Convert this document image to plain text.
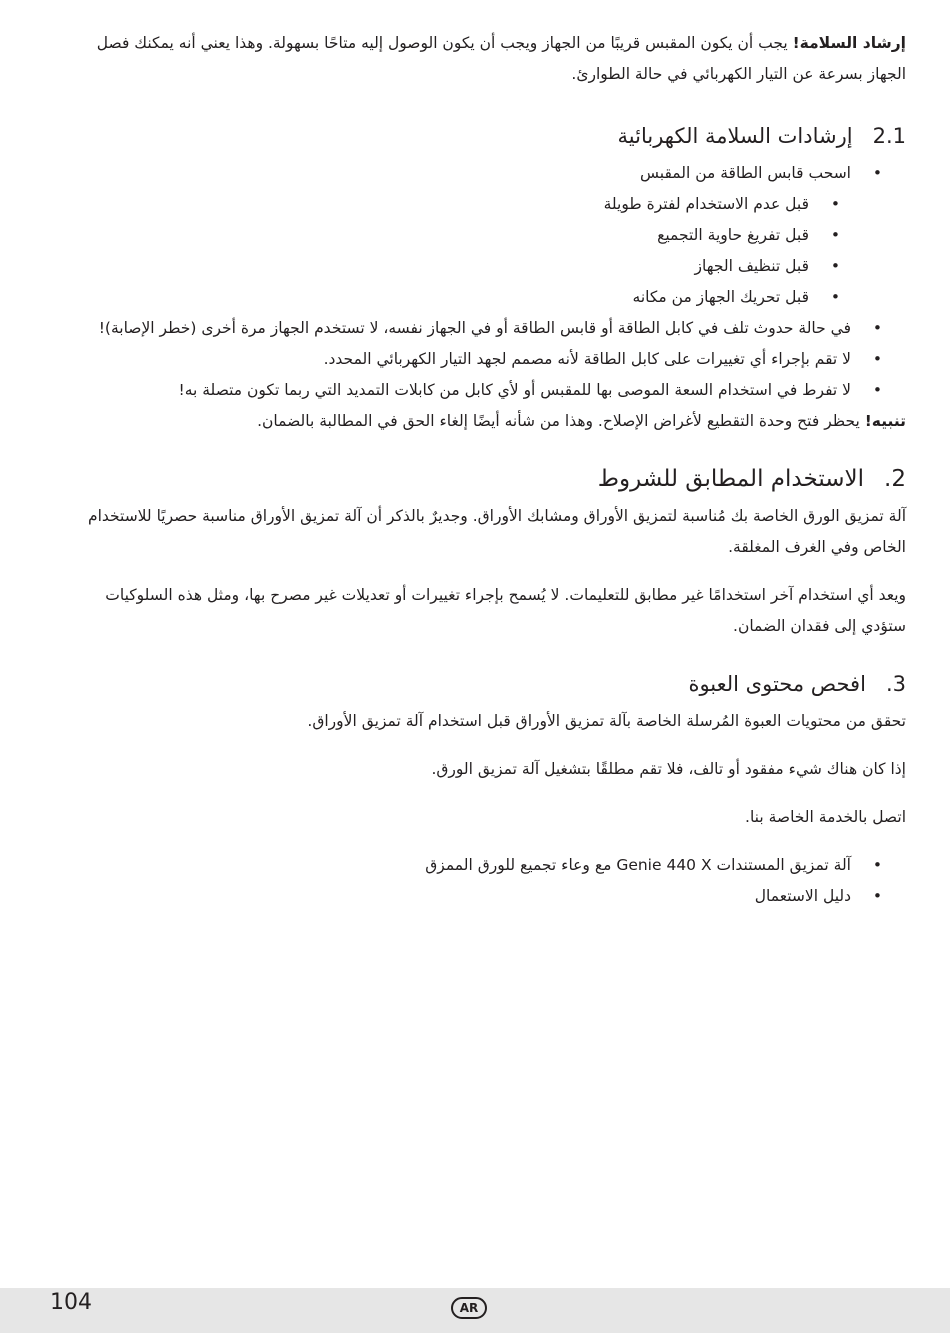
إرشاد السلامة! يجب أن يكون المقبس قريبًا من الجهاز ويجب أن يكون الوصول إليه متاحًا بسهولة. وهذا يعني أنه يمكنك فصل الجهاز بسرعة عن التيار الكهربائي في حالة الطوارئ.

2.1إرشادات السلامة الكهربائية
• اسحب قابس الطاقة من المقبس
• قبل عدم الاستخدام لفترة طويلة
• قبل تفريغ حاوية التجميع
• قبل تنظيف الجهاز
• قبل تحريك الجهاز من مكانه
• في حالة حدوث تلف في كابل الطاقة أو قابس الطاقة أو في الجهاز نفسه، لا تستخدم الجهاز مرة أخرى (خطر الإصابة)!
• لا تقم بإجراء أي تغييرات على كابل الطاقة لأنه مصمم لجهد التيار الكهربائي المحدد.
• لا تفرط في استخدام السعة الموصى بها للمقبس أو لأي كابل من كابلات التمديد التي ربما تكون متصلة به!

تنبيه! يحظر فتح وحدة التقطيع لأغراض الإصلاح. وهذا من شأنه أيضًا إلغاء الحق في المطالبة بالضمان.

2.الاستخدام المطابق للشروط

آلة تمزيق الورق الخاصة بك مُناسبة لتمزيق الأوراق ومشابك الأوراق. وجديرٌ بالذكر أن آلة تمزيق الأوراق مناسبة حصريًا للاستخدام الخاص وفي الغرف المغلقة.

ويعد أي استخدام آخر استخدامًا غير مطابق للتعليمات. لا يُسمح بإجراء تغييرات أو تعديلات غير مصرح بها، ومثل هذه السلوكيات ستؤدي إلى فقدان الضمان.

3.افحص محتوى العبوة

تحقق من محتويات العبوة المُرسلة الخاصة بآلة تمزيق الأوراق قبل استخدام آلة تمزيق الأوراق.

إذا كان هناك شيء مفقود أو تالف، فلا تقم مطلقًا بتشغيل آلة تمزيق الورق.

اتصل بالخدمة الخاصة بنا.

• آلة تمزيق المستندات Genie 440 X مع وعاء تجميع للورق الممزق
• دليل الاستعمال
104	AR
